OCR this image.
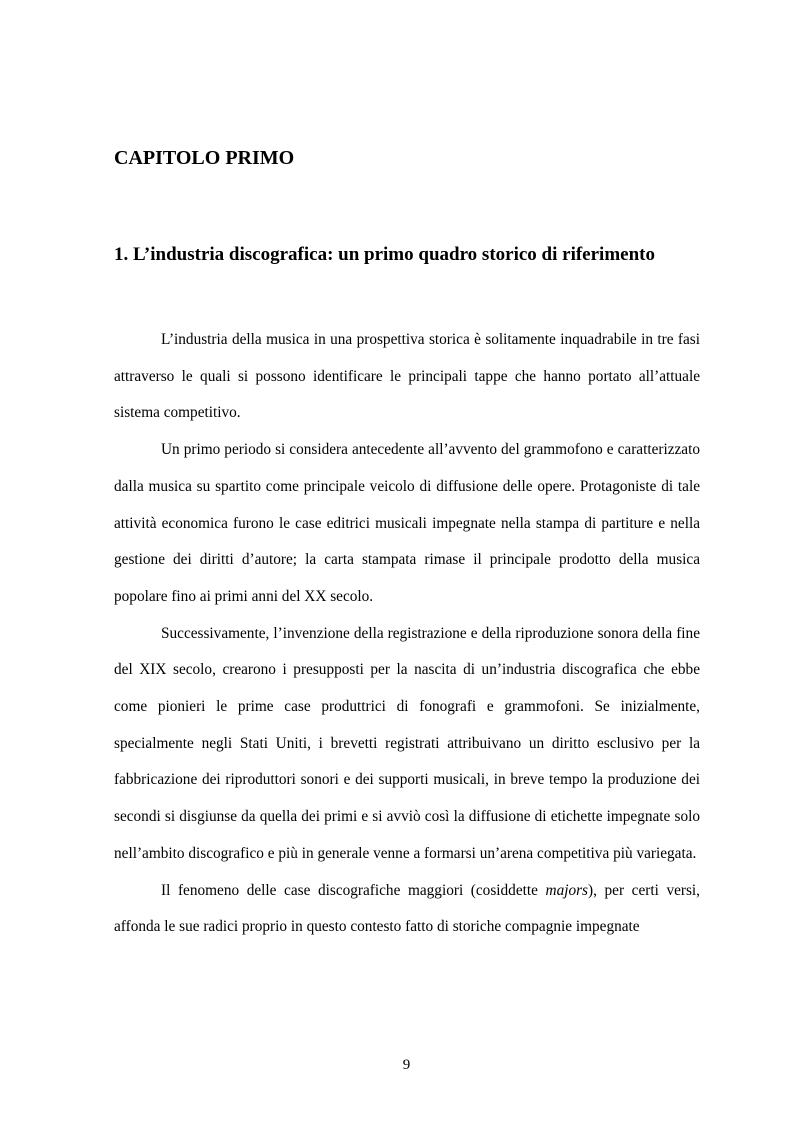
CAPITOLO PRIMO
1. L’industria discografica: un primo quadro storico di riferimento

L’industria della musica in una prospettiva storica è solitamente inquadrabile in tre fasi attraverso le quali si possono identificare le principali tappe che hanno portato all’attuale sistema competitivo.

Un primo periodo si considera antecedente all’avvento del grammofono e caratterizzato dalla musica su spartito come principale veicolo di diffusione delle opere. Protagoniste di tale attività economica furono le case editrici musicali impegnate nella stampa di partiture e nella gestione dei diritti d’autore; la carta stampata rimase il principale prodotto della musica popolare fino ai primi anni del XX secolo.

Successivamente, l’invenzione della registrazione e della riproduzione sonora della fine del XIX secolo, crearono i presupposti per la nascita di un’industria discografica che ebbe come pionieri le prime case produttrici di fonografi e grammofoni. Se inizialmente, specialmente negli Stati Uniti, i brevetti registrati attribuivano un diritto esclusivo per la fabbricazione dei riproduttori sonori e dei supporti musicali, in breve tempo la produzione dei secondi si disgiunse da quella dei primi e si avviò così la diffusione di etichette impegnate solo nell’ambito discografico e più in generale venne a formarsi un’arena competitiva più variegata.

Il fenomeno delle case discografiche maggiori (cosiddette majors), per certi versi, affonda le sue radici proprio in questo contesto fatto di storiche compagnie impegnate

9
